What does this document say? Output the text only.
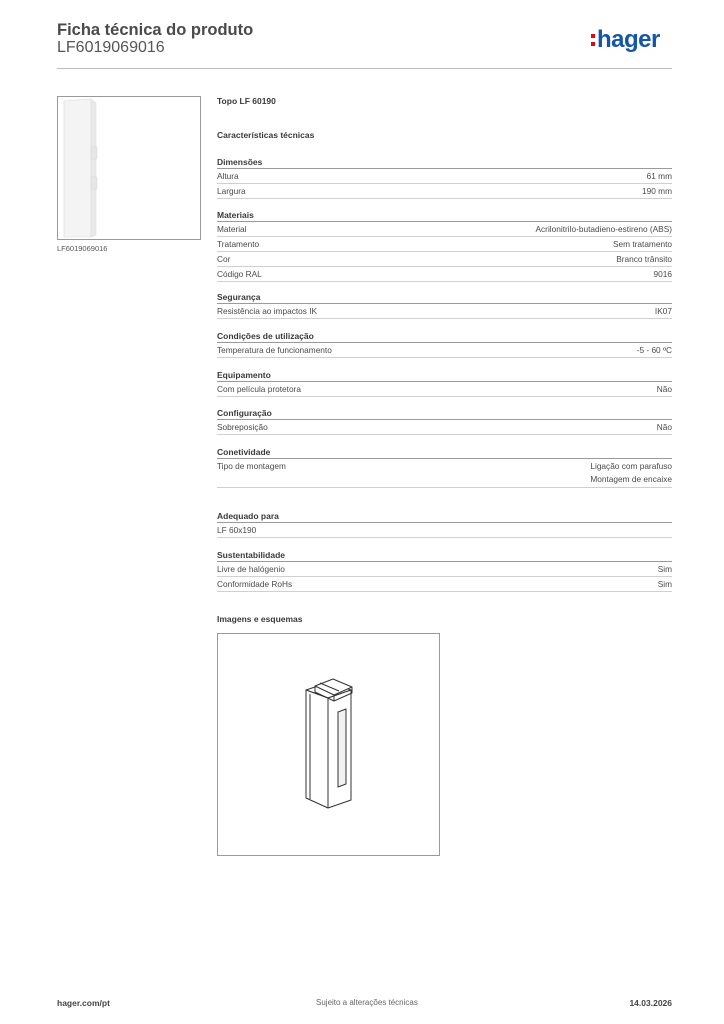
Ficha técnica do produto
LF6019069016	hager
LF6019069016
Topo LF 60190
Características técnicas
Dimensões
Altura	61 mm
Largura	190 mm
Materiais
Material	Acrilonitrilo-butadieno-estireno (ABS)
Tratamento	Sem tratamento
Cor	Branco trânsito
Código RAL	9016
Segurança
Resistência ao impactos IK	IK07
Condições de utilização
Temperatura de funcionamento	-5 - 60 ºC
Equipamento
Com película protetora	Não
Configuração
Sobreposição	Não
Conetividade
Tipo de montagem	Ligação com parafuso
Montagem de encaixe
Adequado para
LF 60x190
Sustentabilidade
Livre de halógenio	Sim
Conformidade RoHs	Sim
Imagens e esquemas
hager.com/pt	Sujeito a alterações técnicas	14.03.2026
